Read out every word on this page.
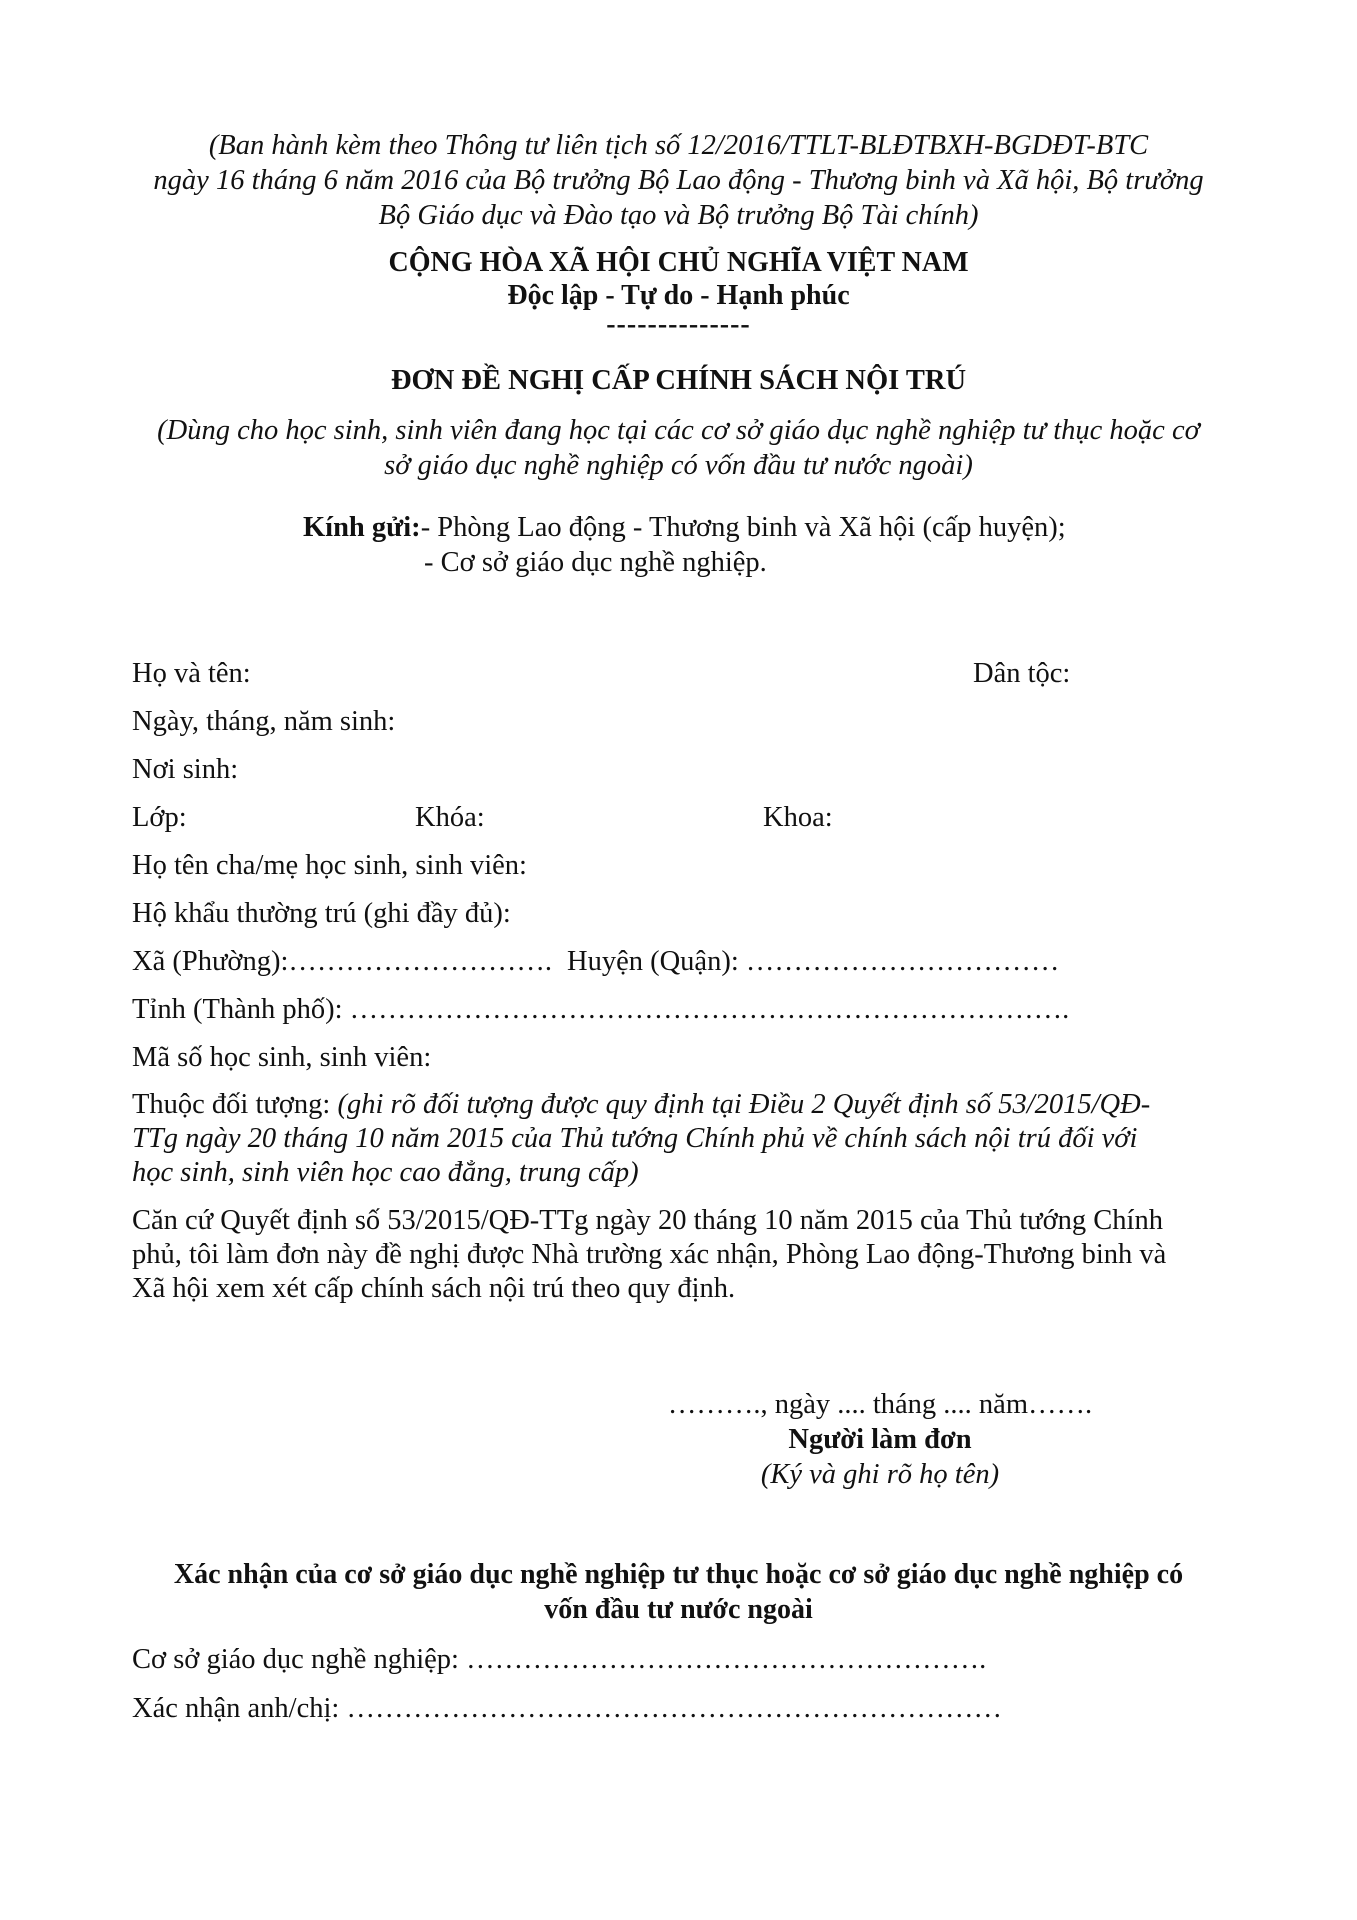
(Ban hành kèm theo Thông tư liên tịch số 12/2016/TTLT-BLĐTBXH-BGDĐT-BTC
ngày 16 tháng 6 năm 2016 của Bộ trưởng Bộ Lao động - Thương binh và Xã hội, Bộ trưởng
Bộ Giáo dục và Đào tạo và Bộ trưởng Bộ Tài chính)
CỘNG HÒA XÃ HỘI CHỦ NGHĨA VIỆT NAM
Độc lập - Tự do - Hạnh phúc
--------------
ĐƠN ĐỀ NGHỊ CẤP CHÍNH SÁCH NỘI TRÚ
(Dùng cho học sinh, sinh viên đang học tại các cơ sở giáo dục nghề nghiệp tư thục hoặc cơ
sở giáo dục nghề nghiệp có vốn đầu tư nước ngoài)
Kính gửi:- Phòng Lao động - Thương binh và Xã hội (cấp huyện);
- Cơ sở giáo dục nghề nghiệp.
Họ và tên:	Dân tộc:
Ngày, tháng, năm sinh:
Nơi sinh:
Lớp:	Khóa:	Khoa:
Họ tên cha/mẹ học sinh, sinh viên:
Hộ khẩu thường trú (ghi đầy đủ):
Xã (Phường):………………………. Huyện (Quận): ……………………………
Tỉnh (Thành phố): ………………………………………………………………….
Mã số học sinh, sinh viên:
Thuộc đối tượng: (ghi rõ đối tượng được quy định tại Điều 2 Quyết định số 53/2015/QĐ-
TTg ngày 20 tháng 10 năm 2015 của Thủ tướng Chính phủ về chính sách nội trú đối với
học sinh, sinh viên học cao đẳng, trung cấp)
Căn cứ Quyết định số 53/2015/QĐ-TTg ngày 20 tháng 10 năm 2015 của Thủ tướng Chính
phủ, tôi làm đơn này đề nghị được Nhà trường xác nhận, Phòng Lao động-Thương binh và
Xã hội xem xét cấp chính sách nội trú theo quy định.
………., ngày .... tháng .... năm…….
Người làm đơn
(Ký và ghi rõ họ tên)
Xác nhận của cơ sở giáo dục nghề nghiệp tư thục hoặc cơ sở giáo dục nghề nghiệp có
vốn đầu tư nước ngoài
Cơ sở giáo dục nghề nghiệp: ……………………………………………….
Xác nhận anh/chị: ……………………………………………………………
